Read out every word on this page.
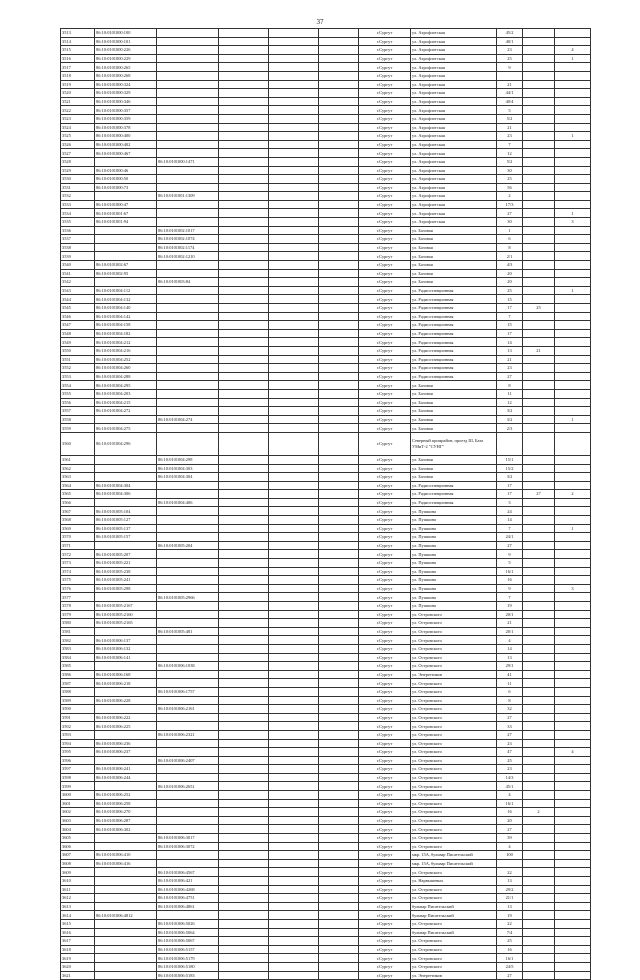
37
3513	86:10:0101000:100					г.Сургут	ул. Аэрофлотская	45/2		
3514	86:10:0101000:101					г.Сургут	ул. Аэрофлотская	40/1		
3515	86:10:0101000:226					г.Сургут	ул. Аэрофлотская	23		4
3516	86:10:0101000:229					г.Сургут	ул. Аэрофлотская	25		1
3517	86:10:0101000:265					г.Сургут	ул. Аэрофлотская	9		
3518	86:10:0101000:268					г.Сургут	ул. Аэрофлотская			
3519	86:10:0101000:324					г.Сургут	ул. Аэрофлотская	21		
3520	86:10:0101000:329					г.Сургут	ул. Аэрофлотская	44/1		
3521	86:10:0101000:346					г.Сургут	ул. Аэрофлотская	40/4		
3522	86:10:0101000:357					г.Сургут	ул. Аэрофлотская	5		
3523	86:10:0101000:359					г.Сургут	ул. Аэрофлотская	5/2		
3524	86:10:0101000:378					г.Сургут	ул. Аэрофлотская	21		
3525	86:10:0101000:400					г.Сургут	ул. Аэрофлотская	23		1
3526	86:10:0101000:402					г.Сургут	ул. Аэрофлотская	7		
3527	86:10:0101000:467					г.Сургут	ул. Аэрофлотская	12		
3528		86:10:0101000:1471				г.Сургут	ул. Аэрофлотская	5/2		
3529	86:10:0101000:46					г.Сургут	ул. Аэрофлотская	30		
3530	86:10:0101000:50					г.Сургут	ул. Аэрофлотская	25		
3531	86:10:0101000:73					г.Сургут	ул. Аэрофлотская	56		
3532		86:10:0101001:1309				г.Сургут	ул. Аэрофлотская	2		
3533	86:10:0101000:47					г.Сургут	ул. Аэрофлотская	17/3		
3534	86:10:0101001:67					г.Сургут	ул. Аэрофлотская	27		1
3535	86:10:0101001:94					г.Сургут	ул. Аэрофлотская	30		3
3536		86:10:0101002:1017				г.Сургут	ул. Базовая	1		
3537		86:10:0101002:1074				г.Сургут	ул. Базовая	6		
3538		86:10:0101002:1174				г.Сургут	ул. Базовая	8		
3539		86:10:0101002:1210				г.Сургут	ул. Базовая	2/1		
3540	86:10:0101002:67					г.Сургут	ул. Базовая	4/3		
3541	86:10:0101002:95					г.Сургут	ул. Базовая	20		
3542		86:10:0101003:84				г.Сургут	ул. Базовая	20		
3543	86:10:0101004:112					г.Сургут	ул. Радиостанционная	25		1
3544	86:10:0101004:132					г.Сургут	ул. Радиостанционная	15		
3545	86:10:0101004:140					г.Сургут	ул. Радиостанционная	17	25	
3546	86:10:0101004:142					г.Сургут	ул. Радиостанционная	7		
3547	86:10:0101004:158					г.Сургут	ул. Радиостанционная	15		
3548	86:10:0101004:182					г.Сургут	ул. Радиостанционная	17		
3549	86:10:0101004:212					г.Сургут	ул. Радиостанционная	14		
3550	86:10:0101004:216					г.Сургут	ул. Радиостанционная	13	21	
3551	86:10:0101004:252					г.Сургут	ул. Радиостанционная	21		
3552	86:10:0101004:260					г.Сургут	ул. Радиостанционная	23		
3553	86:10:0101004:288					г.Сургут	ул. Радиостанционная	27		
3554	86:10:0101004:295					г.Сургут	ул. Базовая	8		
3555	86:10:0101004:203					г.Сургут	ул. Базовая	11		
3556	86:10:0101004:215					г.Сургут	ул. Базовая	12		
3557	86:10:0101004:272					г.Сургут	ул. Базовая	3/2		
3558		86:10:0101004:274				г.Сургут	ул. Базовая	3/2		1
3559	86:10:0101004:275					г.Сургут	ул. Базовая	2/3		
3560	86:10:0101004:296					г.Сургут	Северный промрайон, проезд Ш, База УМиТ-2 "СУНГ"			
3561		86:10:0101004:298				г.Сургут	ул. Базовая	15/1		
3562		86:10:0101004:303				г.Сургут	ул. Базовая	15/2		
3563		86:10:0101004:304				г.Сургут	ул. Базовая	3/2		
3564	86:10:0101004:304					г.Сургут	ул. Радиостанционная	17		
3565	86:10:0101004:306					г.Сургут	ул. Радиостанционная	17	27	2
3566		86:10:0101004:406				г.Сургут	ул. Радиостанционная	3		
3567	86:10:0101005:104					г.Сургут	ул. Пушкина	24		
3568	86:10:0101005:127					г.Сургут	ул. Пушкина	14		
3569	86:10:0101005:137					г.Сургут	ул. Пушкина	7		1
3570	86:10:0101005:157					г.Сургут	ул. Пушкина	24/1		
3571		86:10:0101005:204				г.Сургут	ул. Пушкина	27		
3572	86:10:0101005:207					г.Сургут	ул. Пушкина	9		
3573	86:10:0101005:221					г.Сургут	ул. Пушкина	5		
3574	86:10:0101005:238					г.Сургут	ул. Пушкина	16/1		
3575	86:10:0101005:241					г.Сургут	ул. Пушкина	16		
3576	86:10:0101005:298					г.Сургут	ул. Пушкина	9		3
3577		86:10:0101005:2966				г.Сургут	ул. Пушкина	7		
3578	86:10:0101005:2167					г.Сургут	ул. Пушкина	19		
3579	86:10:0101005:2160					г.Сургут	ул. Островского	20/1		
3580	86:10:0101005:2165					г.Сургут	ул. Островского	21		
3581		86:10:0101005:481				г.Сургут	ул. Островского	20/1		
3582	86:10:0101006:137					г.Сургут	ул. Островского	4		
3583	86:10:0101006:132					г.Сургут	ул. Островского	14		
3584	86:10:0101006:141					г.Сургут	ул. Островского	13		
3585		86:10:0101006:1038				г.Сургут	ул. Островского	29/1		
3586	86:10:0101006:168					г.Сургут	ул. Энергетиков	41		
3587	86:10:0101006:218					г.Сургут	ул. Островского	11		
3588		86:10:0101006:1757				г.Сургут	ул. Островского	6		
3589	86:10:0101006:228					г.Сургут	ул. Островского	8		
3590		86:10:0101006:2161				г.Сургут	ул. Островского	32		
3591	86:10:0101006:222					г.Сургут	ул. Островского	27		
3592	86:10:0101006:225					г.Сургут	ул. Островского	33		
3593		86:10:0101006:2321				г.Сургут	ул. Островского	27		
3594	86:10:0101006:236					г.Сургут	ул. Островского	23		
3595	86:10:0101006:237					г.Сургут	ул. Островского	47		4
3596		86:10:0101006:2407				г.Сургут	ул. Островского	25		
3597	86:10:0101006:241					г.Сургут	ул. Островского	23		
3598	86:10:0101006:244					г.Сургут	ул. Островского	14/3		
3599		86:10:0101006:2651				г.Сургут	ул. Островского	45/1		
3600	86:10:0101006:252					г.Сургут	ул. Островского	4		
3601	86:10:0101006:258					г.Сургут	ул. Островского	16/1		
3602	86:10:0101006:270					г.Сургут	ул. Островского	16	2	
3603	86:10:0101006:287					г.Сургут	ул. Островского	20		
3604	86:10:0101006:302					г.Сургут	ул. Островского	27		
3605		86:10:0101006:3017				г.Сургут	ул. Островского	39		
3606		86:10:0101006:3072				г.Сургут	ул. Островского	4		
3607	86:10:0101006:410					г.Сургут	мкр. 15А, бульвар Писательский	100		
3608	86:10:0101006:416					г.Сургут	мкр. 15А, бульвар Писательский			
3609		86:10:0101006:4567				г.Сургут	ул. Островского	22		
3610		86:10:0101006:421				г.Сургут	ул. Нарвышевых	13		
3611		86:10:0101006:4268				г.Сургут	ул. Островского	29/2		
3612		86:10:0101006:4751				г.Сургут	ул. Островского	21/1		
3613		86:10:0101006:4861				г.Сургут	бульвар Писательский	13		
3614	86:10:0101006:4812					г.Сургут	бульвар Писательский	19		
3615		86:10:0101006:5026				г.Сургут	ул. Островского	22		
3616		86:10:0101006:5064				г.Сургут	бульвар Писательский	7/4		
3617		86:10:0101006:5067				г.Сургут	ул. Островского	25		
3618		86:10:0101006:5157				г.Сургут	ул. Островского	16		
3619		86:10:0101006:5179				г.Сургут	ул. Островского	16/1		
3620		86:10:0101006:5180				г.Сургут	ул. Островского	24/5		
3621		86:10:0101006:5183				г.Сургут	ул. Энергетиков	27		
